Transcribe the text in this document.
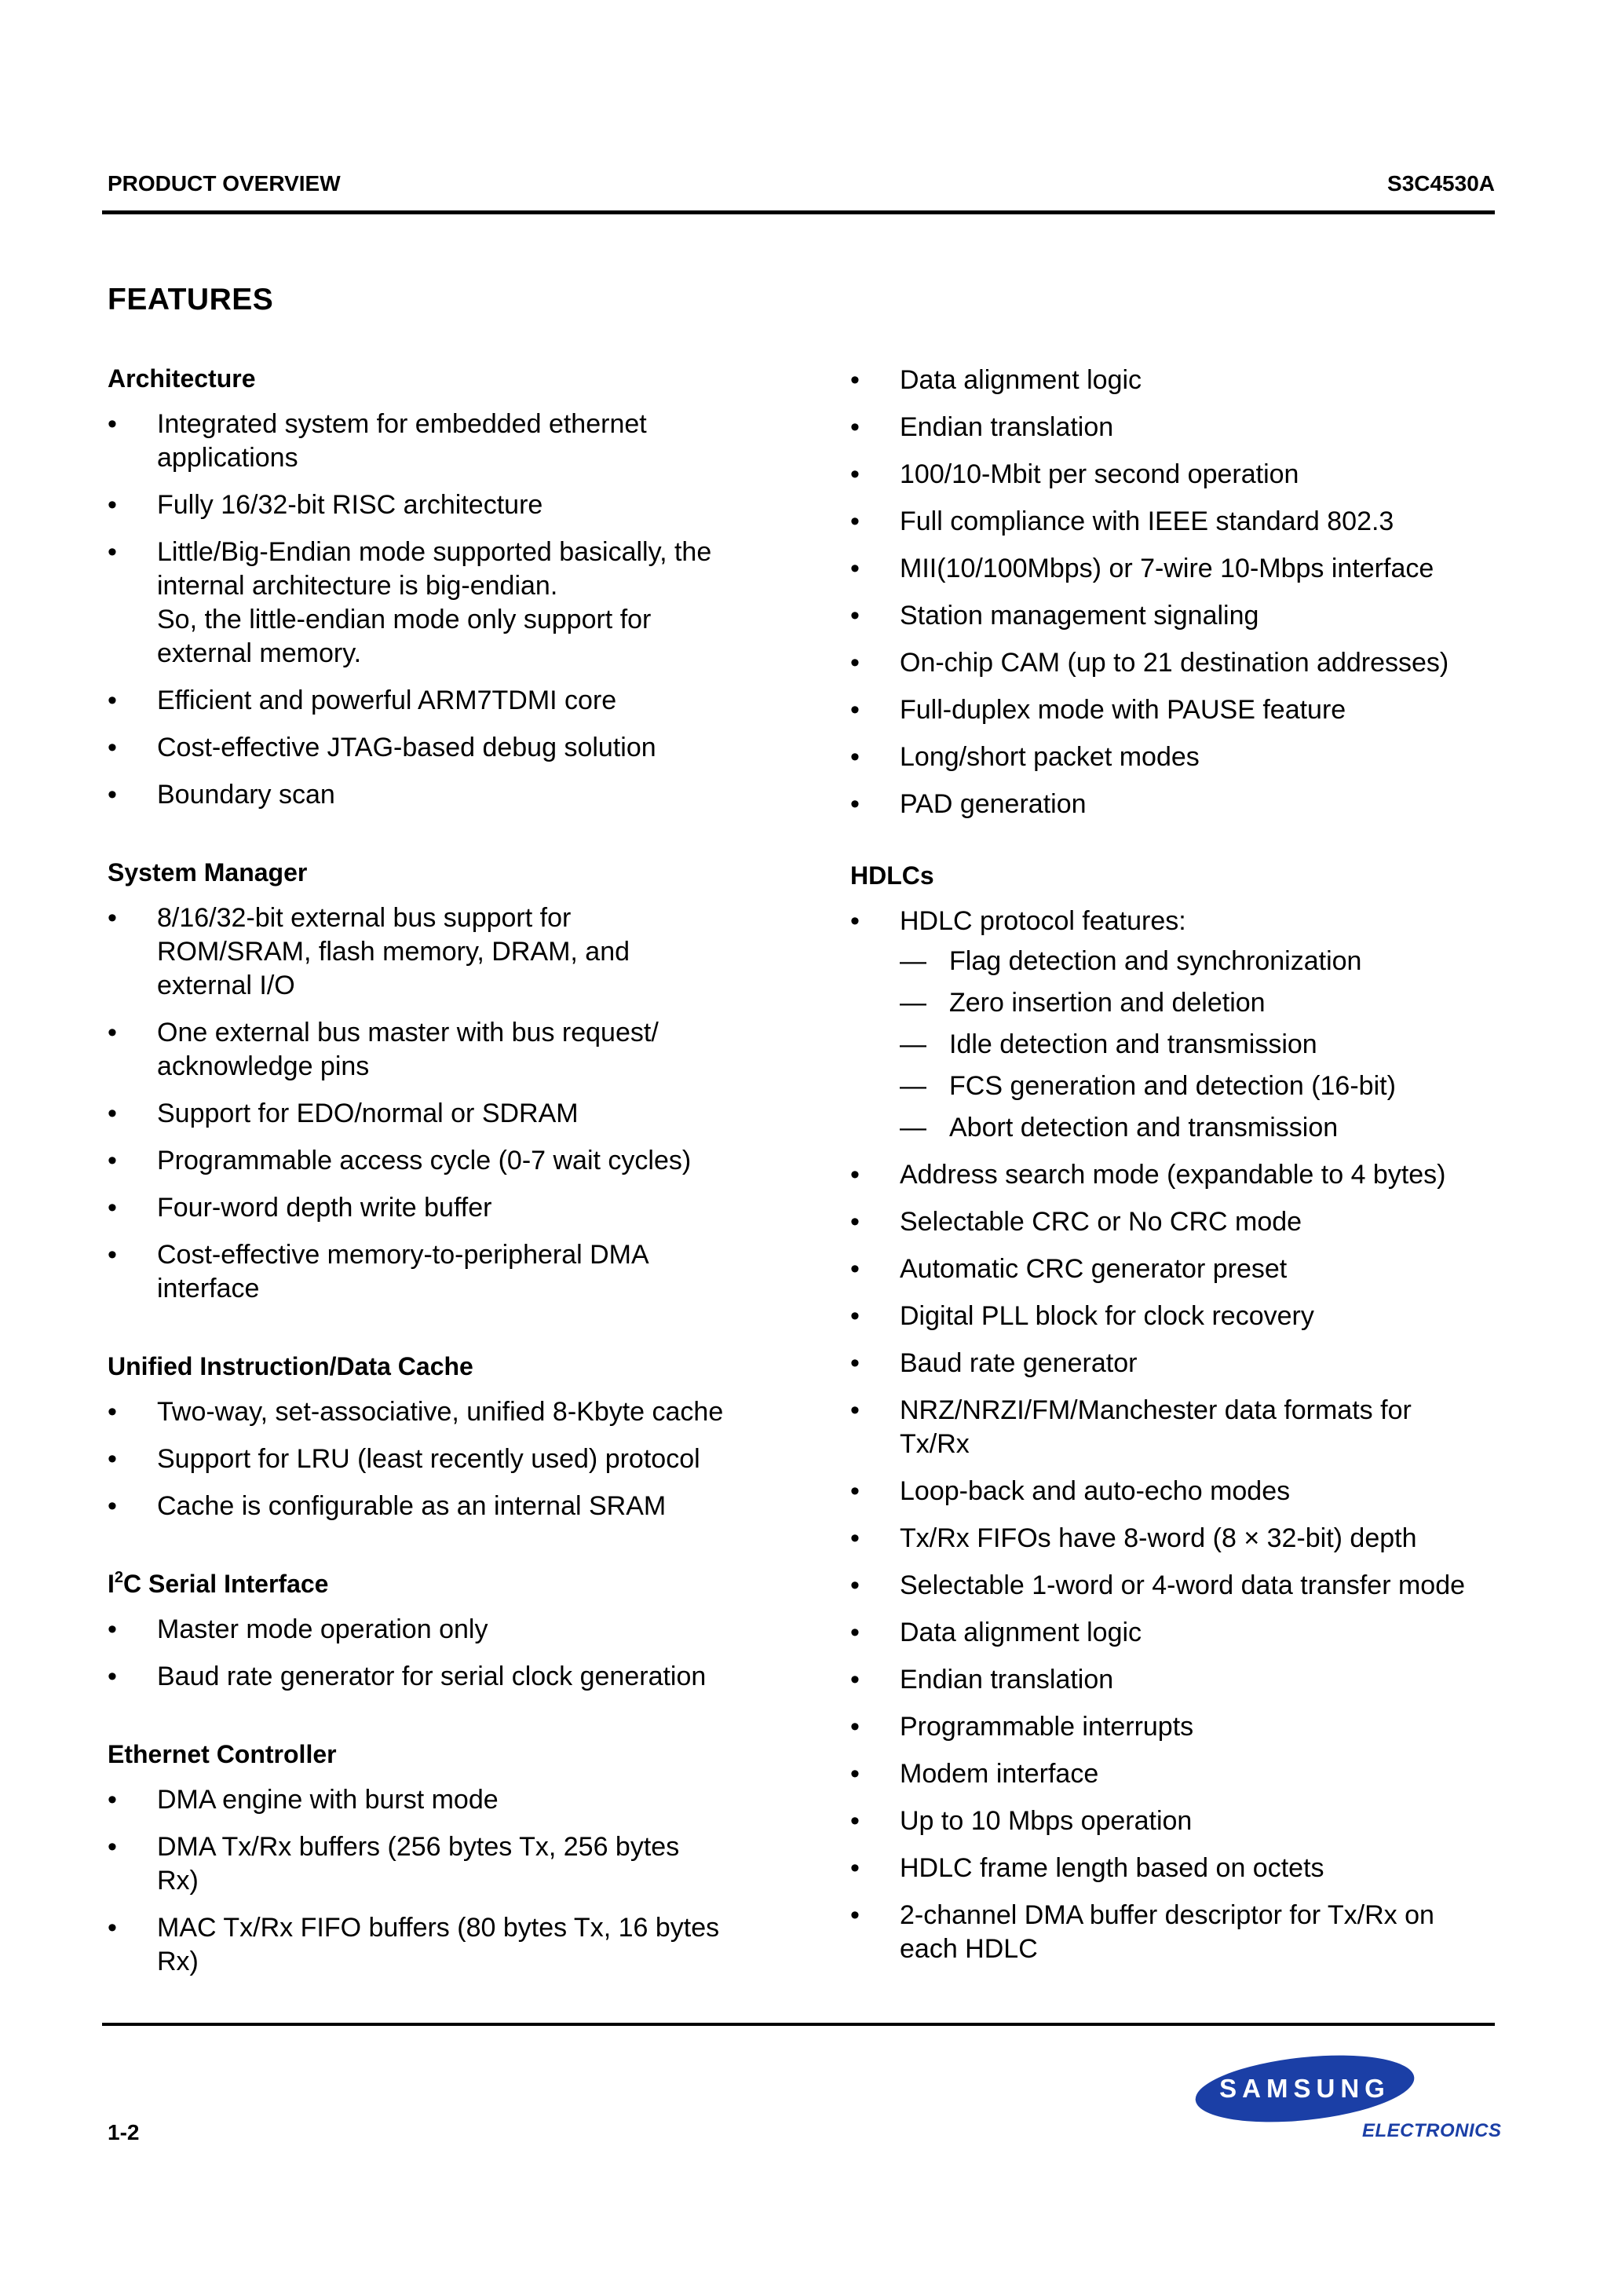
PRODUCT OVERVIEW	S3C4530A
FEATURES
Architecture
• Integrated system for embedded ethernet
applications
• Fully 16/32-bit RISC architecture
• Little/Big-Endian mode supported basically, the
internal architecture is big-endian.
So, the little-endian mode only support for
external memory.
• Efficient and powerful ARM7TDMI core
• Cost-effective JTAG-based debug solution
• Boundary scan
System Manager
• 8/16/32-bit external bus support for
ROM/SRAM, flash memory, DRAM, and
external I/O
• One external bus master with bus request/
acknowledge pins
• Support for EDO/normal or SDRAM
• Programmable access cycle (0-7 wait cycles)
• Four-word depth write buffer
• Cost-effective memory-to-peripheral DMA
interface
Unified Instruction/Data Cache
• Two-way, set-associative, unified 8-Kbyte cache
• Support for LRU (least recently used) protocol
• Cache is configurable as an internal SRAM
$I^2C$ Serial Interface
• Master mode operation only
• Baud rate generator for serial clock generation
Ethernet Controller
• DMA engine with burst mode
• DMA Tx/Rx buffers (256 bytes Tx, 256 bytes
Rx)
• MAC Tx/Rx FIFO buffers (80 bytes Tx, 16 bytes
Rx)
• Data alignment logic
• Endian translation
• 100/10-Mbit per second operation
• Full compliance with IEEE standard 802.3
• MII(10/100Mbps) or 7-wire 10-Mbps interface
• Station management signaling
• On-chip CAM (up to 21 destination addresses)
• Full-duplex mode with PAUSE feature
• Long/short packet modes
• PAD generation
HDLCs
• HDLC protocol features:
— Flag detection and synchronization
— Zero insertion and deletion
— Idle detection and transmission
— FCS generation and detection (16-bit)
— Abort detection and transmission
• Address search mode (expandable to 4 bytes)
• Selectable CRC or No CRC mode
• Automatic CRC generator preset
• Digital PLL block for clock recovery
• Baud rate generator
• NRZ/NRZI/FM/Manchester data formats for
Tx/Rx
• Loop-back and auto-echo modes
• Tx/Rx FIFOs have 8-word (8 × 32-bit) depth
• Selectable 1-word or 4-word data transfer mode
• Data alignment logic
• Endian translation
• Programmable interrupts
• Modem interface
• Up to 10 Mbps operation
• HDLC frame length based on octets
• 2-channel DMA buffer descriptor for Tx/Rx on
each HDLC
SAMSUNG
ELECTRONICS
1-2
